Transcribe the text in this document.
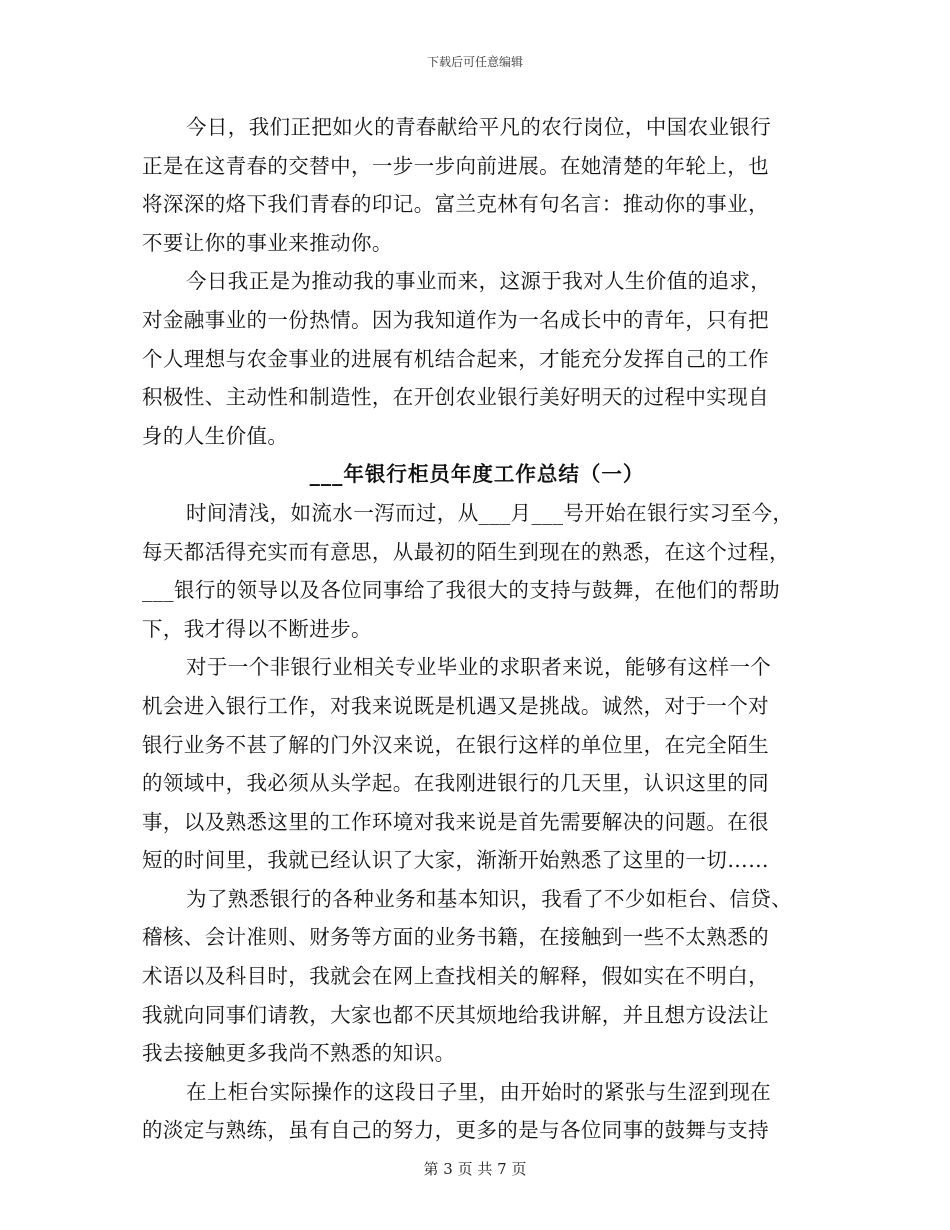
下载后可任意编辑
今日，我们正把如火的青春献给平凡的农行岗位，中国农业银行
正是在这青春的交替中，一步一步向前进展。在她清楚的年轮上，也
将深深的烙下我们青春的印记。富兰克林有句名言：推动你的事业，
不要让你的事业来推动你。
今日我正是为推动我的事业而来，这源于我对人生价值的追求，
对金融事业的一份热情。因为我知道作为一名成长中的青年，只有把
个人理想与农金事业的进展有机结合起来，才能充分发挥自己的工作
积极性、主动性和制造性，在开创农业银行美好明天的过程中实现自
身的人生价值。
___年银行柜员年度工作总结（一）
时间清浅，如流水一泻而过，从___月___号开始在银行实习至今，
每天都活得充实而有意思，从最初的陌生到现在的熟悉，在这个过程，
___银行的领导以及各位同事给了我很大的支持与鼓舞，在他们的帮助
下，我才得以不断进步。
对于一个非银行业相关专业毕业的求职者来说，能够有这样一个
机会进入银行工作，对我来说既是机遇又是挑战。诚然，对于一个对
银行业务不甚了解的门外汉来说，在银行这样的单位里，在完全陌生
的领域中，我必须从头学起。在我刚进银行的几天里，认识这里的同
事，以及熟悉这里的工作环境对我来说是首先需要解决的问题。在很
短的时间里，我就已经认识了大家，渐渐开始熟悉了这里的一切……
为了熟悉银行的各种业务和基本知识，我看了不少如柜台、信贷、
稽核、会计准则、财务等方面的业务书籍，在接触到一些不太熟悉的
术语以及科目时，我就会在网上查找相关的解释，假如实在不明白，
我就向同事们请教，大家也都不厌其烦地给我讲解，并且想方设法让
我去接触更多我尚不熟悉的知识。
在上柜台实际操作的这段日子里，由开始时的紧张与生涩到现在
的淡定与熟练，虽有自己的努力，更多的是与各位同事的鼓舞与支持
第 3 页 共 7 页
